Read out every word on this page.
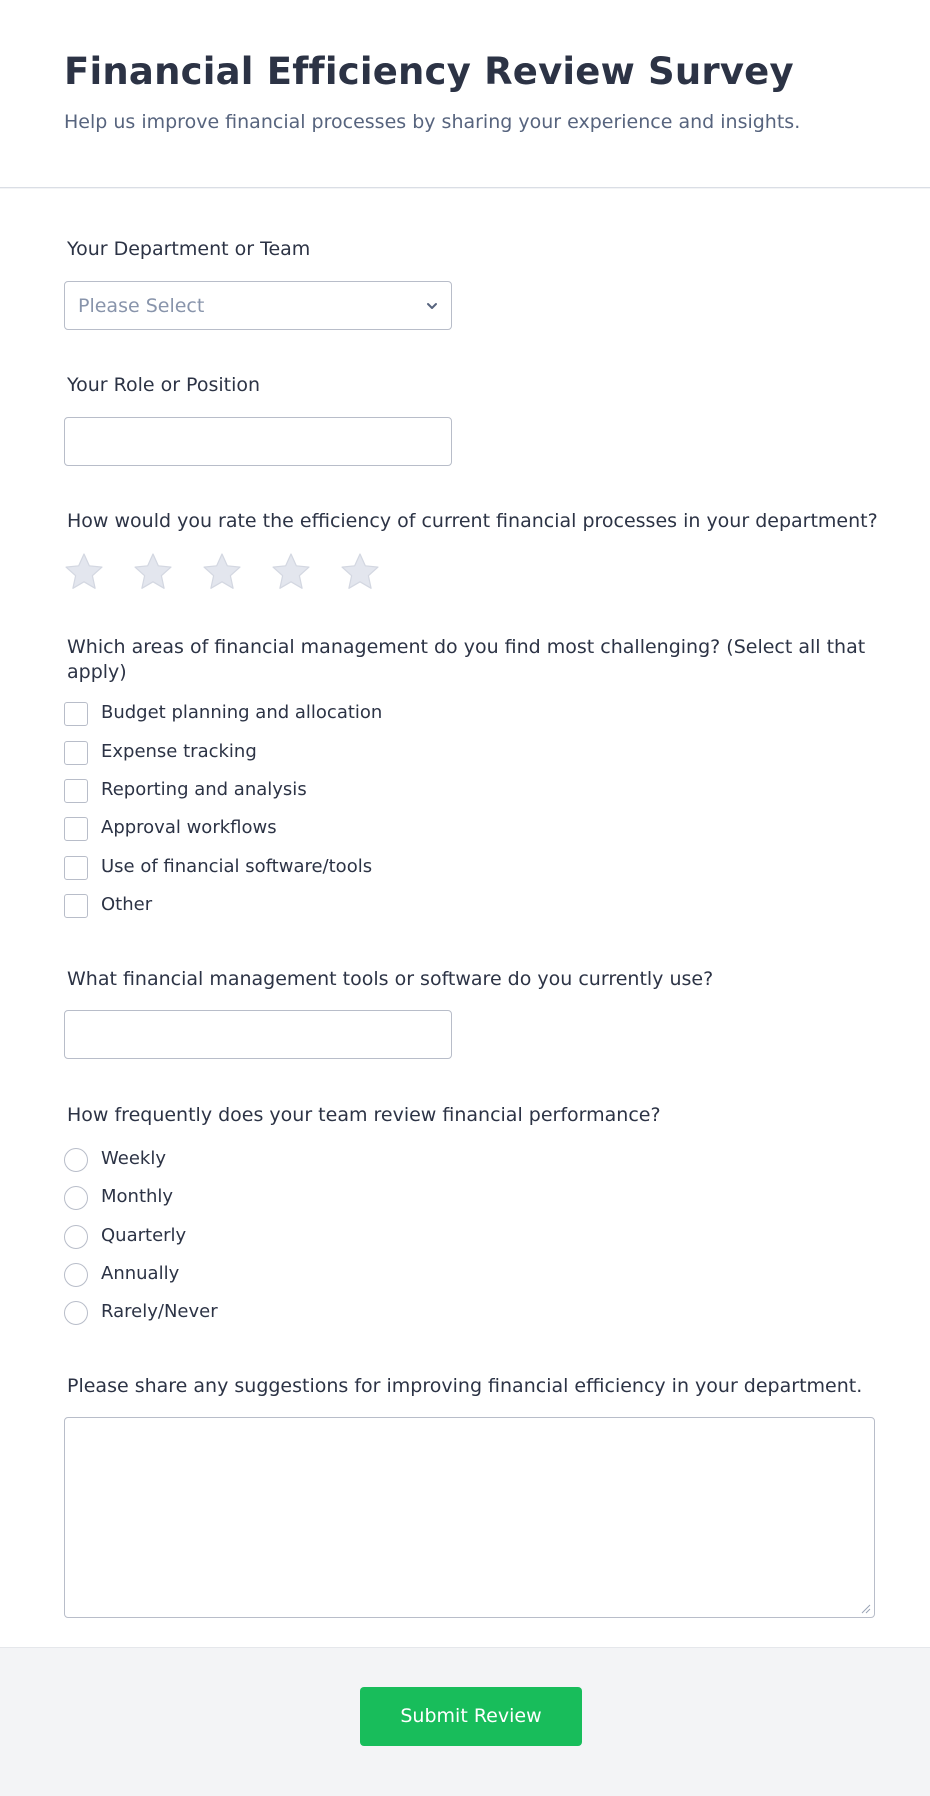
Financial Efficiency Review Survey
Help us improve financial processes by sharing your experience and insights.
Your Department or Team
Please Select
Your Role or Position
How would you rate the efficiency of current financial processes in your department?
Which areas of financial management do you find most challenging? (Select all that apply)
Budget planning and allocation
Expense tracking
Reporting and analysis
Approval workflows
Use of financial software/tools
Other
What financial management tools or software do you currently use?
How frequently does your team review financial performance?
Weekly
Monthly
Quarterly
Annually
Rarely/Never
Please share any suggestions for improving financial efficiency in your department.
Submit Review
